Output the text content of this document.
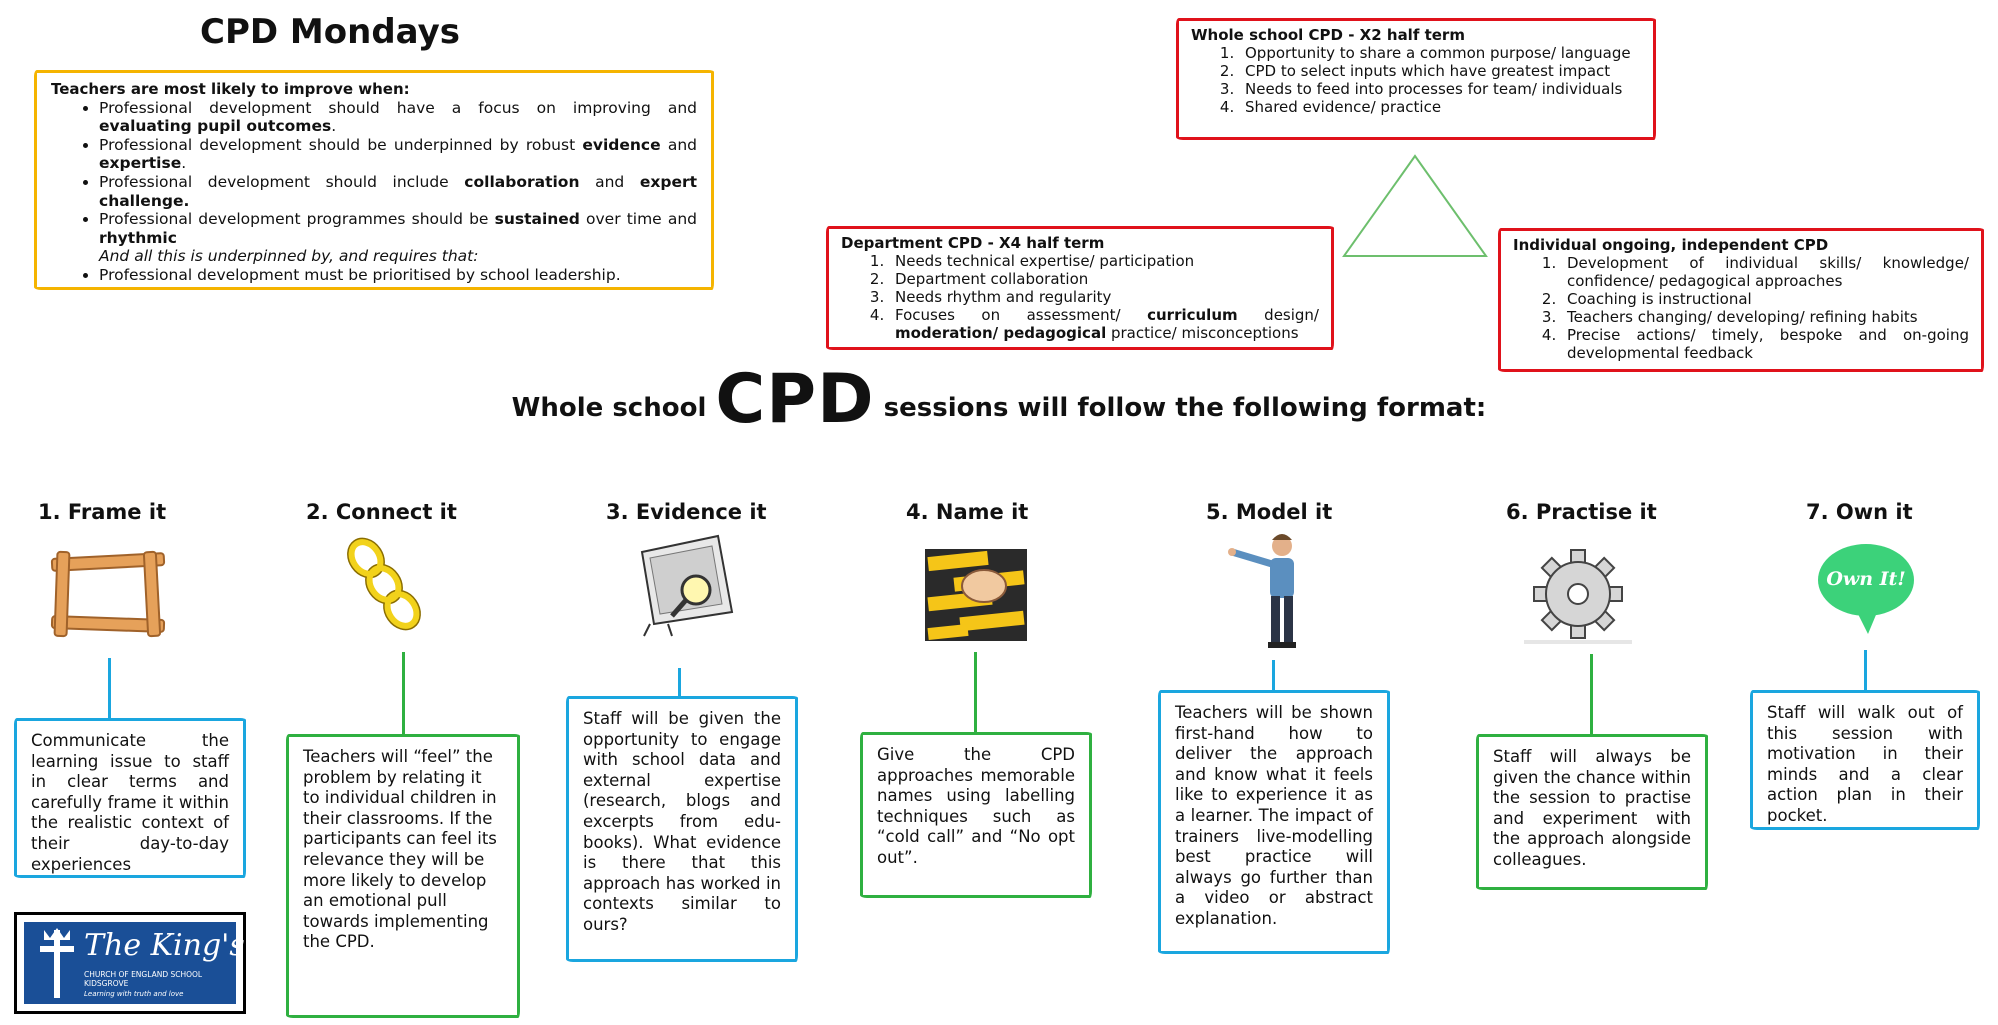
CPD Mondays
Teachers are most likely to improve when:
• Professional development should have a focus on improving and evaluating pupil outcomes.
• Professional development should be underpinned by robust evidence and expertise.
• Professional development should include collaboration and expert challenge.
• Professional development programmes should be sustained over time and rhythmic
And all this is underpinned by, and requires that:
• Professional development must be prioritised by school leadership.
Whole school CPD - X2 half term
1. Opportunity to share a common purpose/ language
2. CPD to select inputs which have greatest impact
3. Needs to feed into processes for team/ individuals
4. Shared evidence/ practice
Department CPD - X4 half term
1. Needs technical expertise/ participation
2. Department collaboration
3. Needs rhythm and regularity
4. Focuses on assessment/ curriculum design/ moderation/ pedagogical practice/ misconceptions
Individual ongoing, independent CPD
1. Development of individual skills/ knowledge/ confidence/ pedagogical approaches
2. Coaching is instructional
3. Teachers changing/ developing/ refining habits
4. Precise actions/ timely, bespoke and on-going developmental feedback
Whole school CPD sessions will follow the following format:
1. Frame it
Communicate the learning issue to staff in clear terms and carefully frame it within the realistic context of their day-to-day experiences
2. Connect it
Teachers will “feel” the problem by relating it to individual children in their classrooms. If the participants can feel its relevance they will be more likely to develop an emotional pull towards implementing the CPD.
3. Evidence it
Staff will be given the opportunity to engage with school data and external expertise (research, blogs and excerpts from edu-books). What evidence is there that this approach has worked in contexts similar to ours?
4. Name it
Give the CPD approaches memorable names using labelling techniques such as “cold call” and “No opt out”.
5. Model it
Teachers will be shown first-hand how to deliver the approach and know what it feels like to experience it as a learner. The impact of trainers live-modelling best practice will always go further than a video or abstract explanation.
6. Practise it
Staff will always be given the chance within the session to practise and experiment with the approach alongside colleagues.
7. Own it
Own It!
Staff will walk out of this session with motivation in their minds and a clear action plan in their pocket.
The King's
CHURCH OF ENGLAND SCHOOL KIDSGROVE
Learning with truth and love
